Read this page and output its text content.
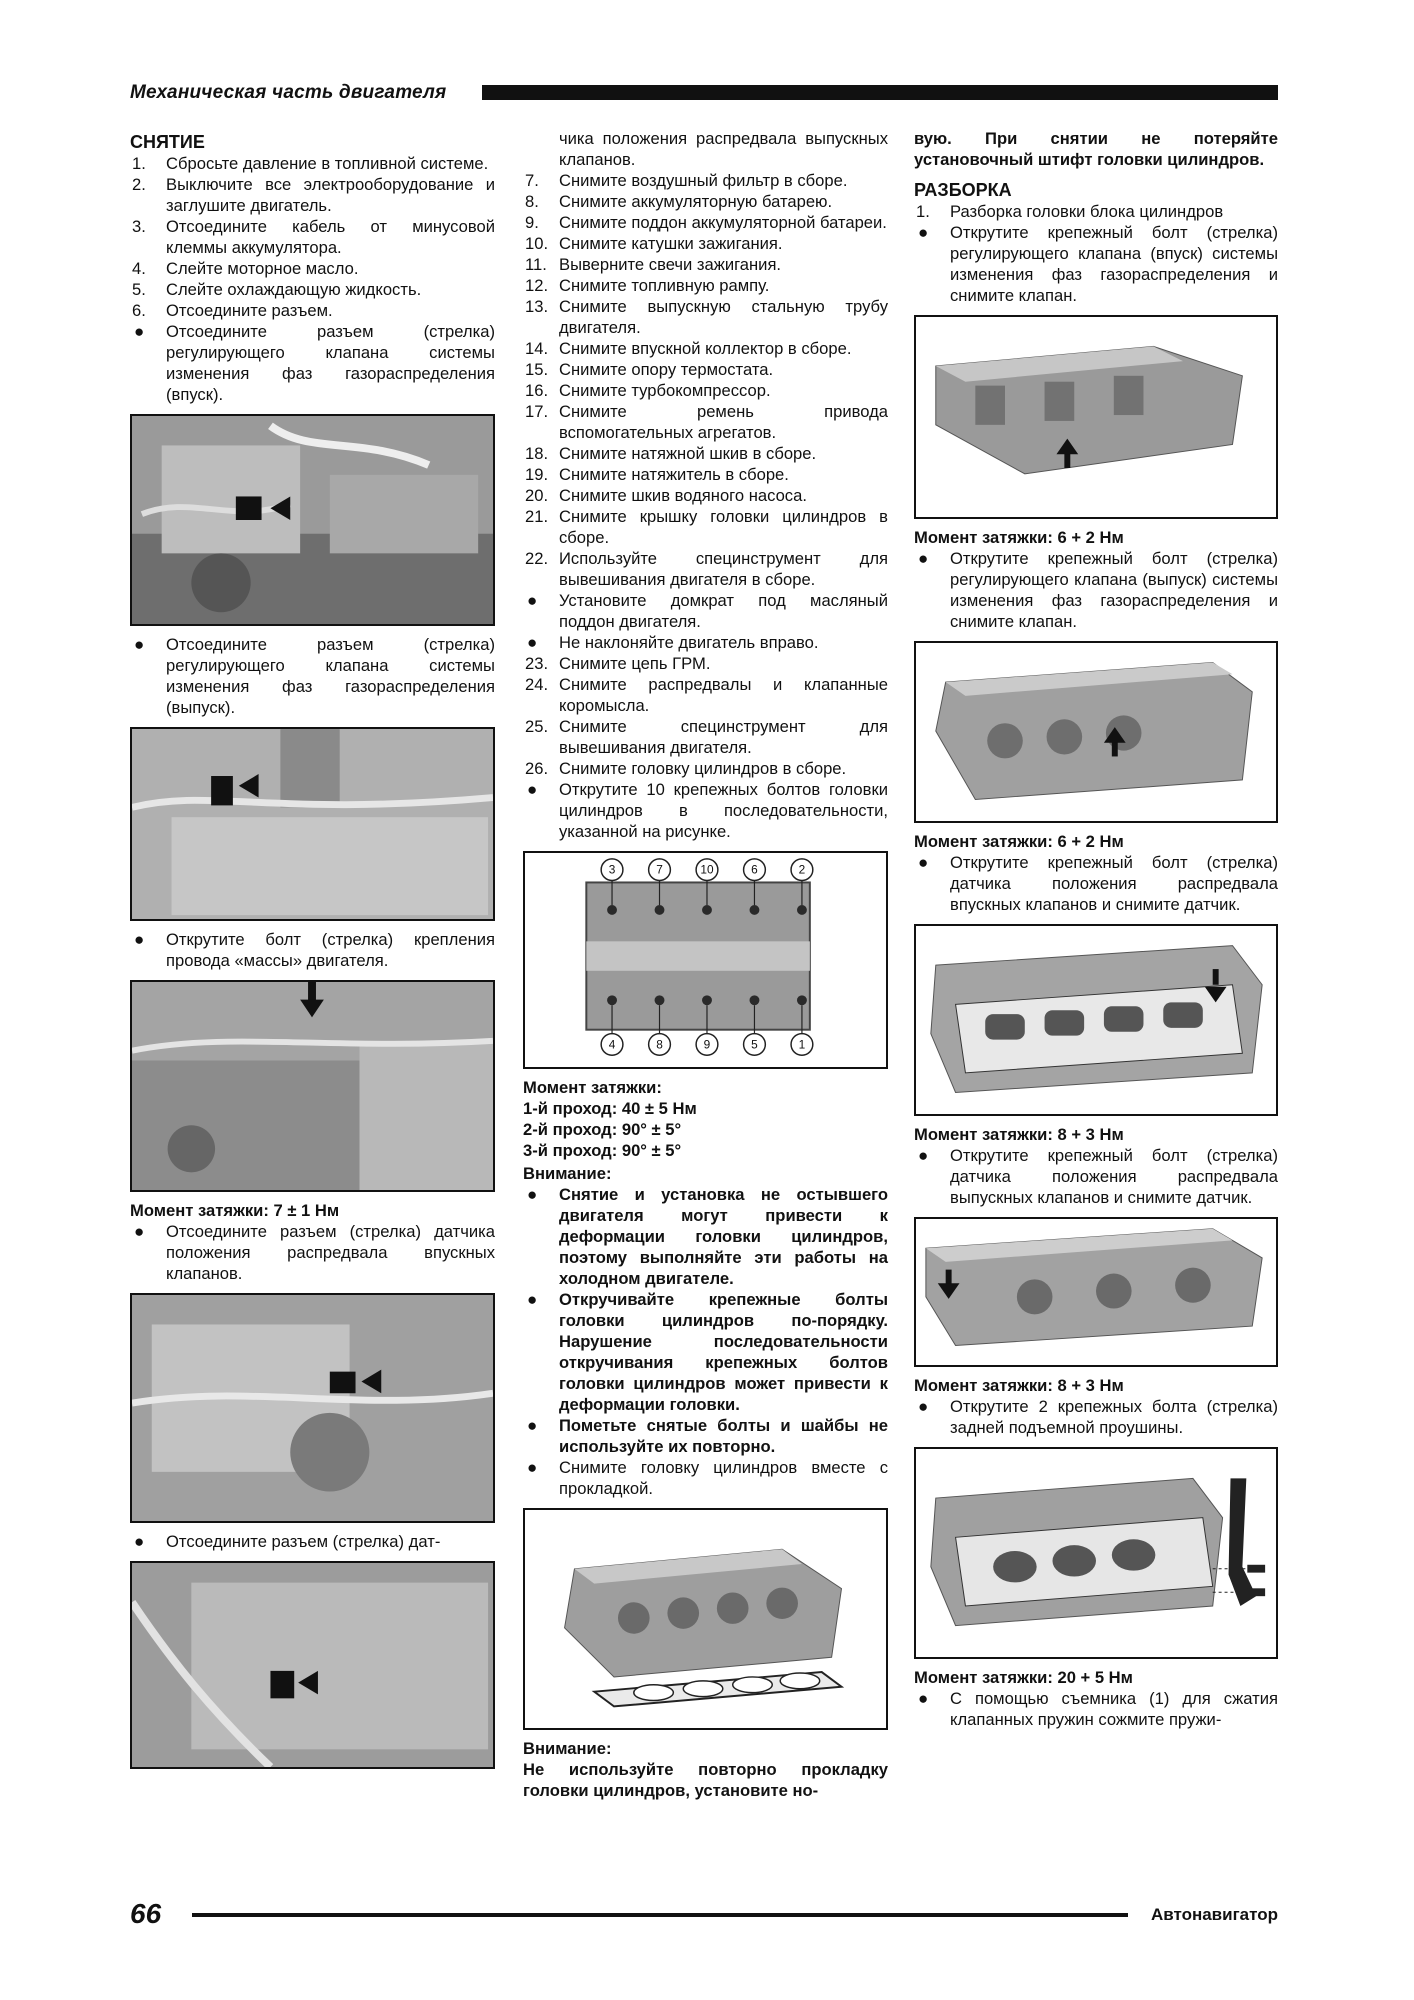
Механическая часть двигателя
СНЯТИЕ
1. Сбросьте давление в топливной системе.
2. Выключите все электрооборудование и заглушите двигатель.
3. Отсоедините кабель от минусовой клеммы аккумулятора.
4. Слейте моторное масло.
5. Слейте охлаждающую жидкость.
6. Отсоедините разъем.
● Отсоедините разъем (стрелка) регулирующего клапана системы изменения фаз газораспределения (впуск).
● Отсоедините разъем (стрелка) регулирующего клапана системы изменения фаз газораспределения (выпуск).
● Открутите болт (стрелка) крепления провода «массы» двигателя.
Момент затяжки: 7 ± 1 Нм
● Отсоедините разъем (стрелка) датчика положения распредвала впускных клапанов.
● Отсоедините разъем (стрелка) дат-
чика положения распредвала выпускных клапанов.
7. Снимите воздушный фильтр в сборе.
8. Снимите аккумуляторную батарею.
9. Снимите поддон аккумуляторной батареи.
10. Снимите катушки зажигания.
11. Выверните свечи зажигания.
12. Снимите топливную рампу.
13. Снимите выпускную стальную трубу двигателя.
14. Снимите впускной коллектор в сборе.
15. Снимите опору термостата.
16. Снимите турбокомпрессор.
17. Снимите ремень привода вспомогательных агрегатов.
18. Снимите натяжной шкив в сборе.
19. Снимите натяжитель в сборе.
20. Снимите шкив водяного насоса.
21. Снимите крышку головки цилиндров в сборе.
22. Используйте специнструмент для вывешивания двигателя в сборе.
● Установите домкрат под масляный поддон двигателя.
● Не наклоняйте двигатель вправо.
23. Снимите цепь ГРМ.
24. Снимите распредвалы и клапанные коромысла.
25. Снимите специнструмент для вывешивания двигателя.
26. Снимите головку цилиндров в сборе.
● Открутите 10 крепежных болтов головки цилиндров в последовательности, указанной на рисунке.
3	7	10	6	2
4	8	9	5	1
Момент затяжки:
1-й проход: 40 ± 5 Нм
2-й проход: 90° ± 5°
3-й проход: 90° ± 5°
Внимание:
● Снятие и установка не остывшего двигателя могут привести к деформации головки цилиндров, поэтому выполняйте эти работы на холодном двигателе.
● Откручивайте крепежные болты головки цилиндров по-порядку. Нарушение последовательности откручивания крепежных болтов головки цилиндров может привести к деформации головки.
● Пометьте снятые болты и шайбы не используйте их повторно.
● Снимите головку цилиндров вместе с прокладкой.
Внимание:
Не используйте повторно прокладку головки цилиндров, установите но-
вую. При снятии не потеряйте установочный штифт головки цилиндров.
РАЗБОРКА
1. Разборка головки блока цилиндров
● Открутите крепежный болт (стрелка) регулирующего клапана (впуск) системы изменения фаз газораспределения и снимите клапан.
Момент затяжки: 6 + 2 Нм
● Открутите крепежный болт (стрелка) регулирующего клапана (выпуск) системы изменения фаз газораспределения и снимите клапан.
Момент затяжки: 6 + 2 Нм
● Открутите крепежный болт (стрелка) датчика положения распредвала впускных клапанов и снимите датчик.
Момент затяжки: 8 + 3 Нм
● Открутите крепежный болт (стрелка) датчика положения распредвала выпускных клапанов и снимите датчик.
Момент затяжки: 8 + 3 Нм
● Открутите 2 крепежных болта (стрелка) задней подъемной проушины.
Момент затяжки: 20 + 5 Нм
● С помощью съемника (1) для сжатия клапанных пружин сожмите пружи-
66	Автонавигатор
